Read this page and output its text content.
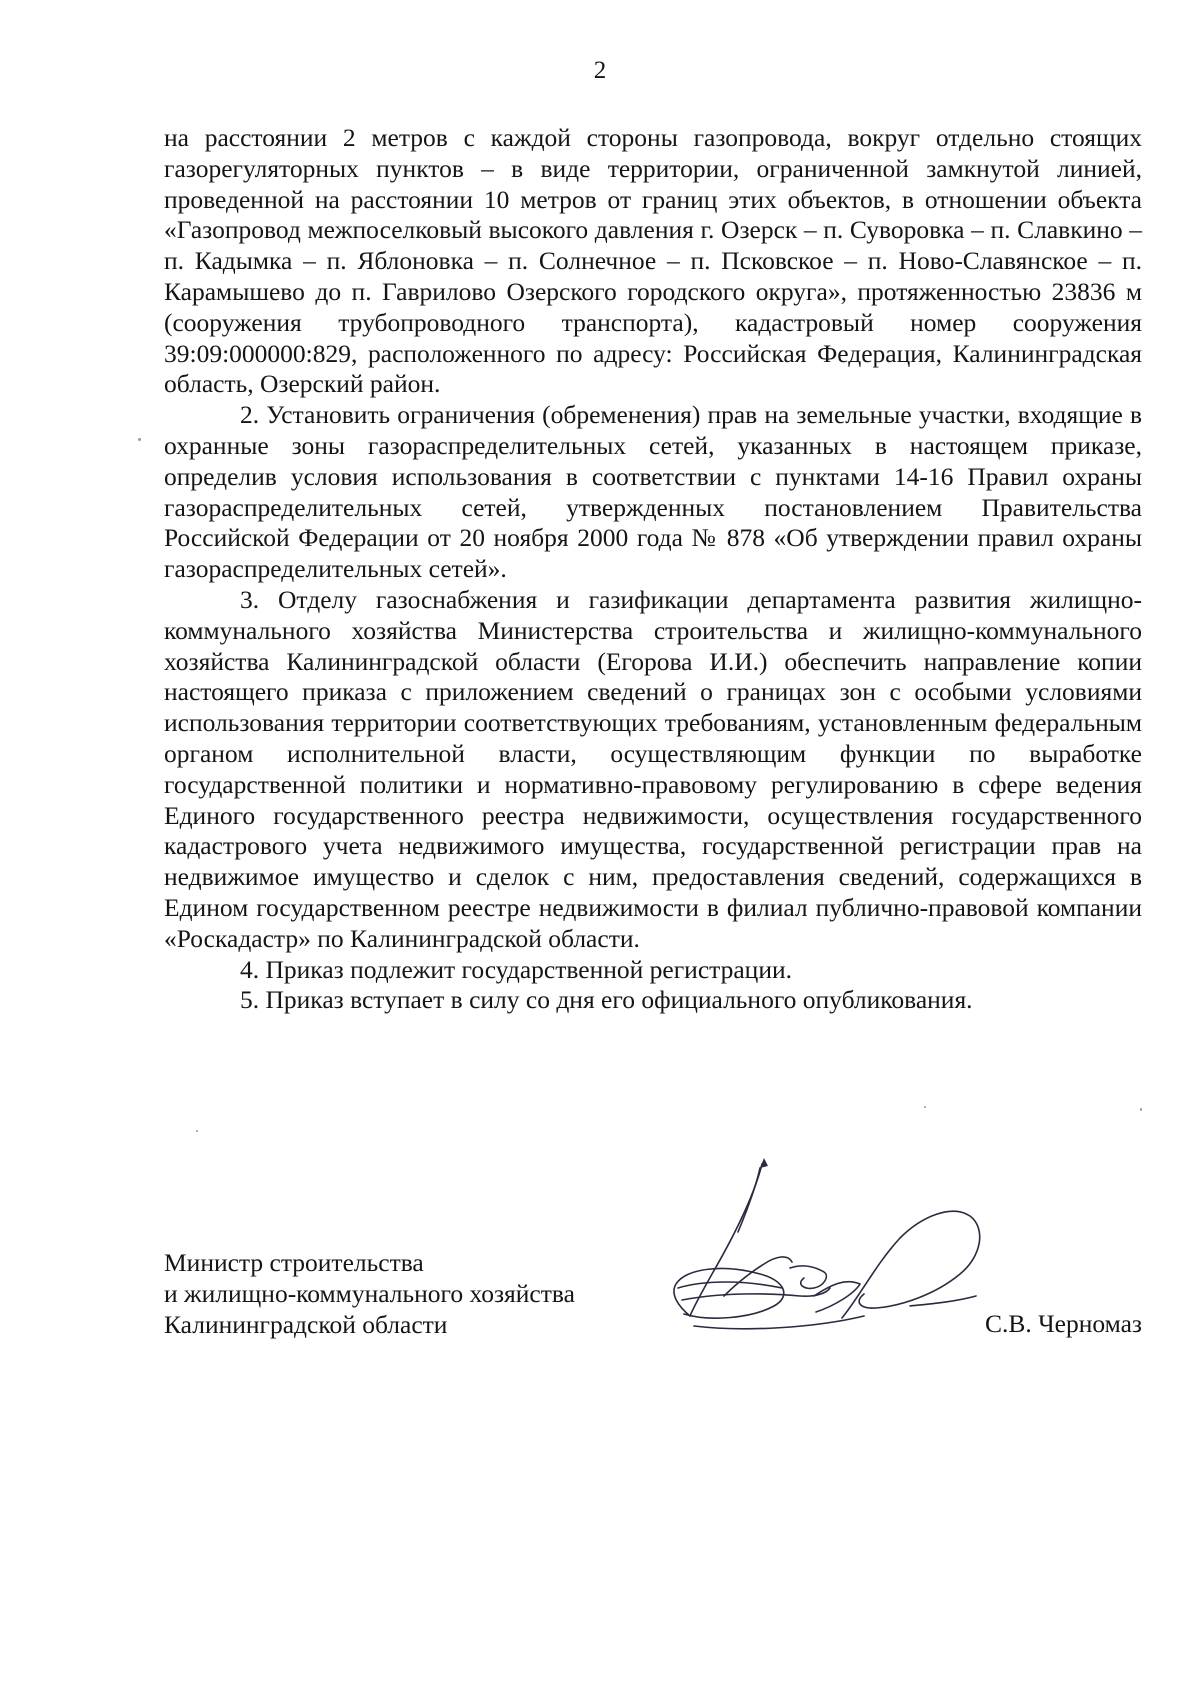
2

на расстоянии 2 метров с каждой стороны газопровода, вокруг отдельно стоящих газорегуляторных пунктов – в виде территории, ограниченной замкнутой линией, проведенной на расстоянии 10 метров от границ этих объектов, в отношении объекта «Газопровод межпоселковый высокого давления г. Озерск – п. Суворовка – п. Славкино – п. Кадымка – п. Яблоновка – п. Солнечное – п. Псковское – п. Ново-Славянское – п. Карамышево до п. Гаврилово Озерского городского округа», протяженностью 23836 м (сооружения трубопроводного транспорта), кадастровый номер сооружения 39:09:000000:829, расположенного по адресу: Российская Федерация, Калининградская область, Озерский район.

2. Установить ограничения (обременения) прав на земельные участки, входящие в охранные зоны газораспределительных сетей, указанных в настоящем приказе, определив условия использования в соответствии с пунктами 14-16 Правил охраны газораспределительных сетей, утвержденных постановлением Правительства Российской Федерации от 20 ноября 2000 года № 878 «Об утверждении правил охраны газораспределительных сетей».

3. Отделу газоснабжения и газификации департамента развития жилищно-коммунального хозяйства Министерства строительства и жилищно-коммунального хозяйства Калининградской области (Егорова И.И.) обеспечить направление копии настоящего приказа с приложением сведений о границах зон с особыми условиями использования территории соответствующих требованиям, установленным федеральным органом исполнительной власти, осуществляющим функции по выработке государственной политики и нормативно-правовому регулированию в сфере ведения Единого государственного реестра недвижимости, осуществления государственного кадастрового учета недвижимого имущества, государственной регистрации прав на недвижимое имущество и сделок с ним, предоставления сведений, содержащихся в Едином государственном реестре недвижимости в филиал публично-правовой компании «Роскадастр» по Калининградской области.

4. Приказ подлежит государственной регистрации.

5. Приказ вступает в силу со дня его официального опубликования.

Министр строительства
и жилищно-коммунального хозяйства
Калининградской области	С.В. Черномаз
